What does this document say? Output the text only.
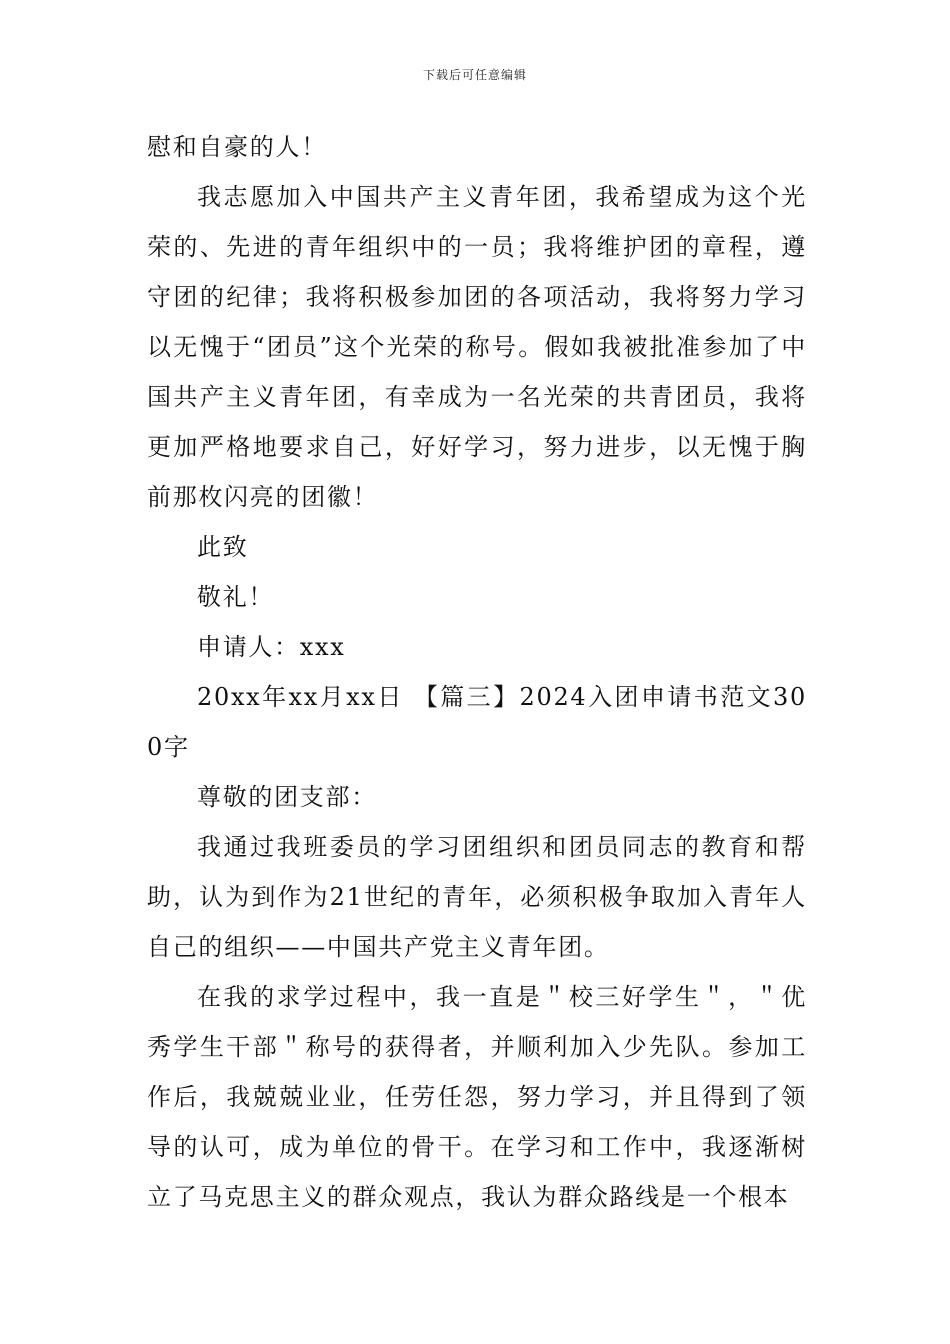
下载后可任意编辑

慰和自豪的人！

我志愿加入中国共产主义青年团，我希望成为这个光荣的、先进的青年组织中的一员；我将维护团的章程，遵守团的纪律；我将积极参加团的各项活动，我将努力学习以无愧于“团员”这个光荣的称号。假如我被批准参加了中国共产主义青年团，有幸成为一名光荣的共青团员，我将更加严格地要求自己，好好学习，努力进步，以无愧于胸前那枚闪亮的团徽！

此致

敬礼！

申请人：xxx

20xx年xx月xx日 【篇三】2024入团申请书范文300字

尊敬的团支部：

我通过我班委员的学习团组织和团员同志的教育和帮助，认为到作为21世纪的青年，必须积极争取加入青年人自己的组织——中国共产党主义青年团。

在我的求学过程中，我一直是＂校三好学生＂，＂优秀学生干部＂称号的获得者，并顺利加入少先队。参加工作后，我兢兢业业，任劳任怨，努力学习，并且得到了领导的认可，成为单位的骨干。在学习和工作中，我逐渐树立了马克思主义的群众观点，我认为群众路线是一个根本
